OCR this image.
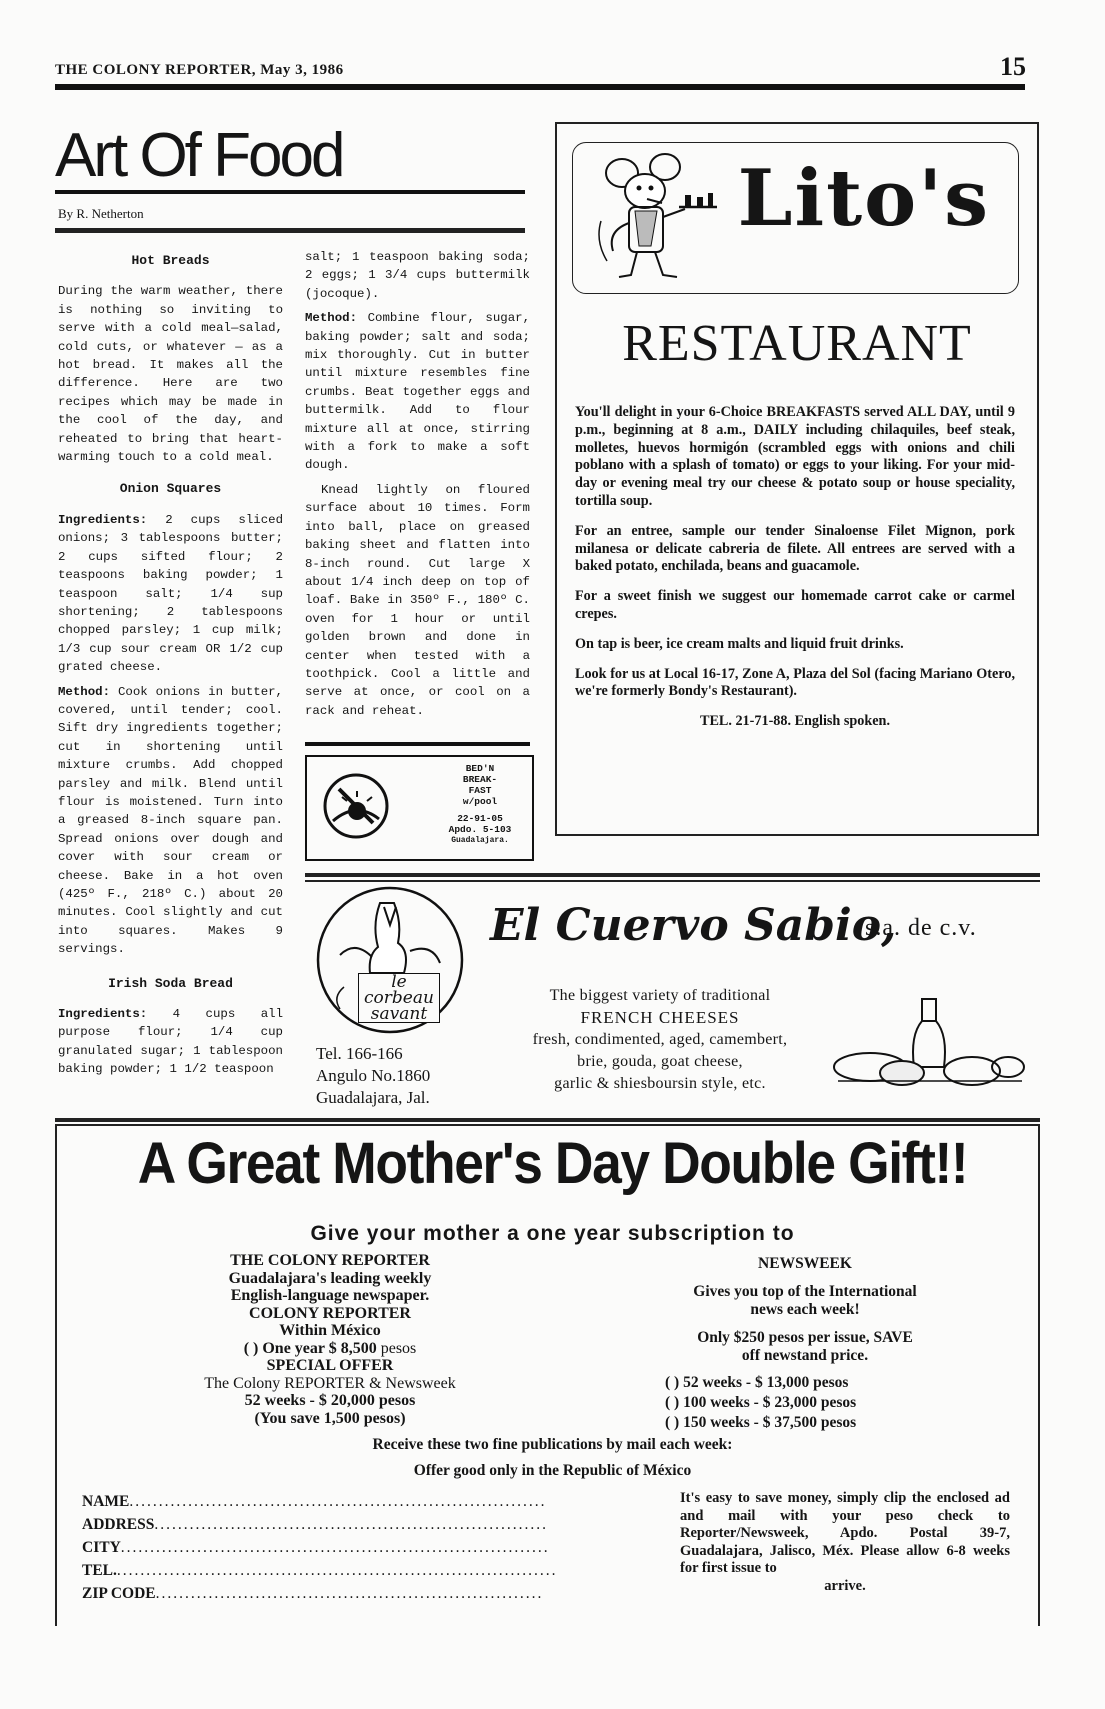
THE COLONY REPORTER, May 3, 1986	15
Art Of Food
By R. Netherton
Hot Breads

During the warm weather, there is nothing so inviting to serve with a cold meal—salad, cold cuts, or whatever — as a hot bread. It makes all the difference. Here are two recipes which may be made in the cool of the day, and reheated to bring that heart-warming touch to a cold meal.

Onion Squares

Ingredients: 2 cups sliced onions; 3 tablespoons butter; 2 cups sifted flour; 2 teaspoons baking powder; 1 teaspoon salt; 1/4 sup shortening; 2 tablespoons chopped parsley; 1 cup milk; 1/3 cup sour cream OR 1/2 cup grated cheese.

Method: Cook onions in butter, covered, until tender; cool. Sift dry ingredients together; cut in shortening until mixture crumbs. Add chopped parsley and milk. Blend until flour is moistened. Turn into a greased 8-inch square pan. Spread onions over dough and cover with sour cream or cheese. Bake in a hot oven (425º F., 218º C.) about 20 minutes. Cool slightly and cut into squares. Makes 9 servings.

Irish Soda Bread

Ingredients: 4 cups all purpose flour; 1/4 cup granulated sugar; 1 tablespoon baking powder; 1 1/2 teaspoon

salt; 1 teaspoon baking soda; 2 eggs; 1 3/4 cups buttermilk (jocoque).

Method: Combine flour, sugar, baking powder; salt and soda; mix thoroughly. Cut in butter until mixture resembles fine crumbs. Beat together eggs and buttermilk. Add to flour mixture all at once, stirring with a fork to make a soft dough.

Knead lightly on floured surface about 10 times. Form into ball, place on greased baking sheet and flatten into 8-inch round. Cut large X about 1/4 inch deep on top of loaf. Bake in 350º F., 180º C. oven for 1 hour or until golden brown and done in center when tested with a toothpick. Cool a little and serve at once, or cool on a rack and reheat.

BED'N
BREAK-
FAST
w/pool
22-91-05
Apdo. 5-103
Guadalajara.
Lito's
RESTAURANT

You'll delight in your 6-Choice BREAKFASTS served ALL DAY, until 9 p.m., beginning at 8 a.m., DAILY including chilaquiles, beef steak, molletes, huevos hormigón (scrambled eggs with onions and chili poblano with a splash of tomato) or eggs to your liking. For your mid-day or evening meal try our cheese & potato soup or house speciality, tortilla soup.

For an entree, sample our tender Sinaloense Filet Mignon, pork milanesa or delicate cabreria de filete. All entrees are served with a baked potato, enchilada, beans and guacamole.

For a sweet finish we suggest our homemade carrot cake or carmel crepes.

On tap is beer, ice cream malts and liquid fruit drinks.

Look for us at Local 16-17, Zone A, Plaza del Sol (facing Mariano Otero, we're formerly Bondy's Restaurant).

TEL. 21-71-88. English spoken.
le
corbeau
savant
El Cuervo Sabio,
s.a. de c.v.
Tel. 166-166
Angulo No.1860
Guadalajara, Jal.
The biggest variety of traditional
FRENCH CHEESES
fresh, condimented, aged, camembert,
brie, gouda, goat cheese,
garlic & shiesboursin style, etc.
A Great Mother's Day Double Gift!!
Give your mother a one year subscription to
THE COLONY REPORTER
Guadalajara's leading weekly
English-language newspaper.
COLONY REPORTER
Within México
( ) One year $ 8,500 pesos
SPECIAL OFFER
The Colony REPORTER & Newsweek
52 weeks - $ 20,000 pesos
(You save 1,500 pesos)
NEWSWEEK
Gives you top of the International
news each week!
Only $250 pesos per issue, SAVE
off newstand price.
( ) 52 weeks - $ 13,000 pesos
( ) 100 weeks - $ 23,000 pesos
( ) 150 weeks - $ 37,500 pesos
Receive these two fine publications by mail each week:
Offer good only in the Republic of México
NAME.......................................................................
ADDRESS...................................................................
CITY.........................................................................
TEL............................................................................
ZIP CODE..................................................................
It's easy to save money, simply clip the enclosed ad and mail with your peso check to Reporter/Newsweek, Apdo. Postal 39-7, Guadalajara, Jalisco, Méx. Please allow 6-8 weeks for first issue to
arrive.
